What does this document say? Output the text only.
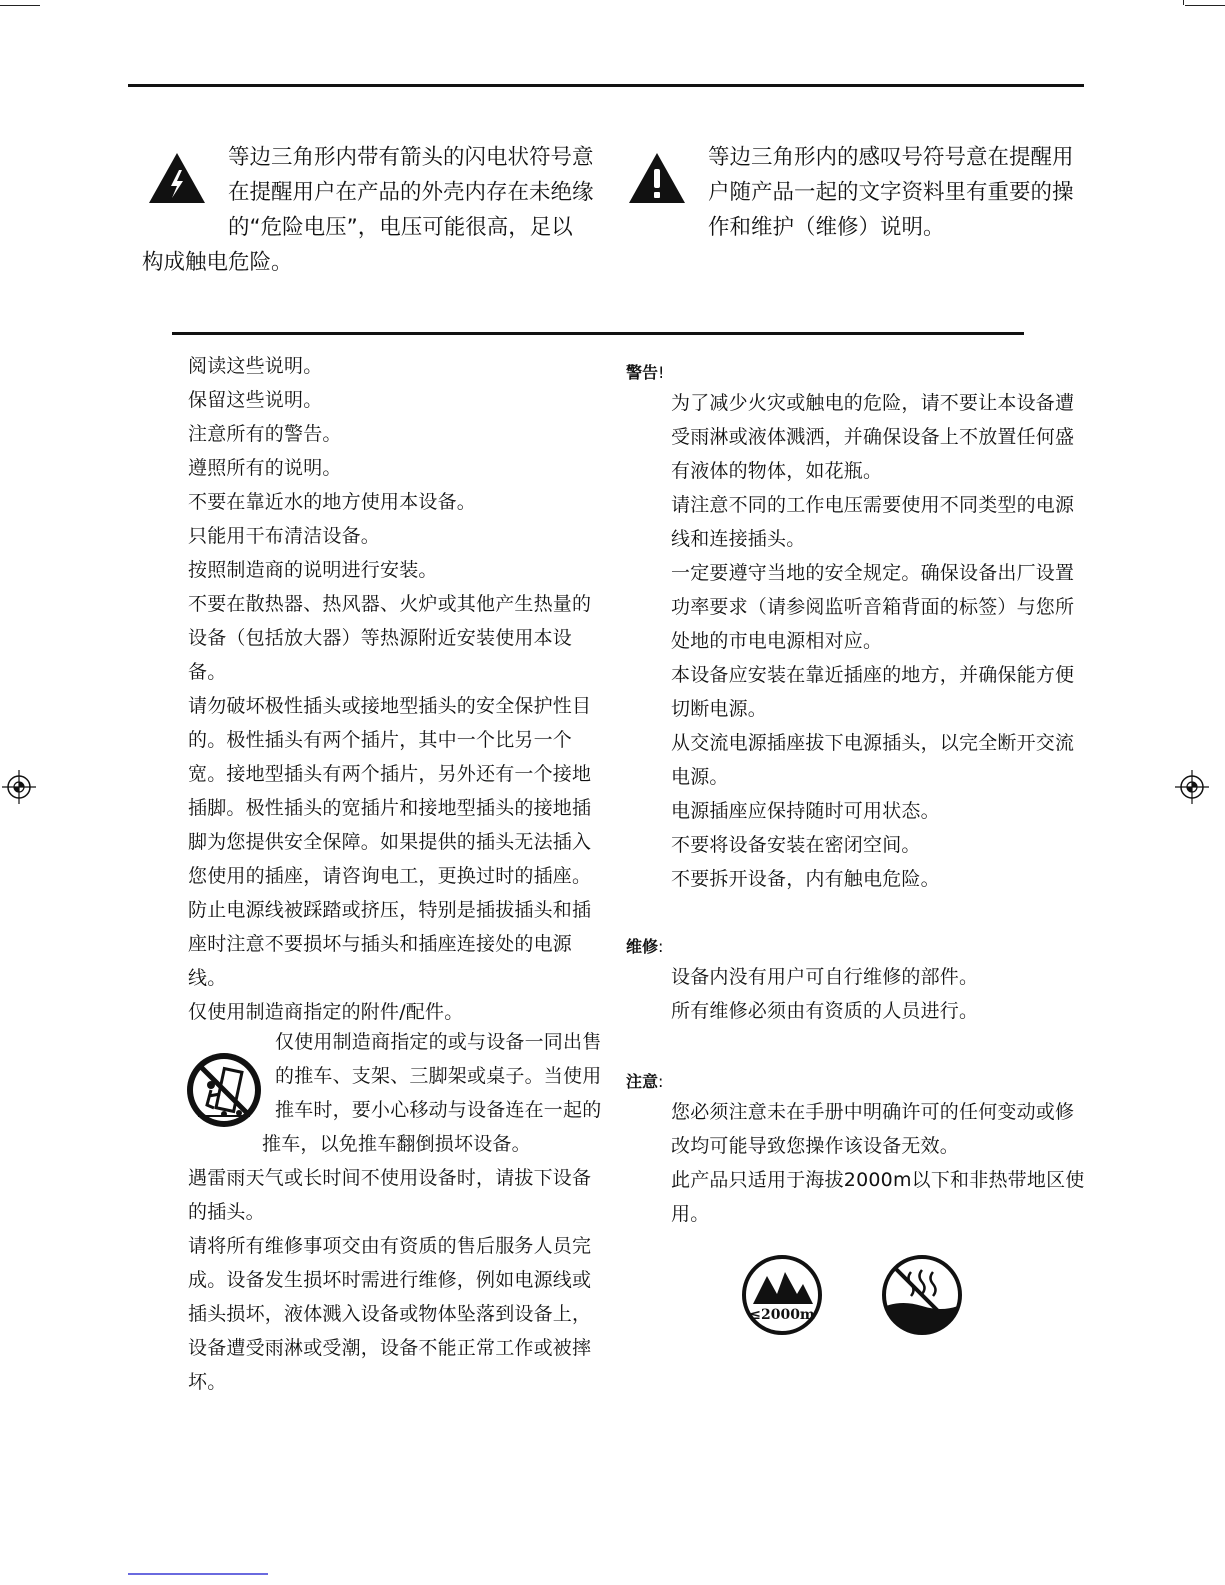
等边三角形内带有箭头的闪电状符号意
在提醒用户在产品的外壳内存在未绝缘
的“危险电压”，电压可能很高，足以
构成触电危险。
等边三角形内的感叹号符号意在提醒用
户随产品一起的文字资料里有重要的操
作和维护（维修）说明。
阅读这些说明。
保留这些说明。
注意所有的警告。
遵照所有的说明。
不要在靠近水的地方使用本设备。
只能用干布清洁设备。
按照制造商的说明进行安装。
不要在散热器、热风器、火炉或其他产生热量的
设备（包括放大器）等热源附近安装使用本设
备。
请勿破坏极性插头或接地型插头的安全保护性目
的。极性插头有两个插片，其中一个比另一个
宽。接地型插头有两个插片，另外还有一个接地
插脚。极性插头的宽插片和接地型插头的接地插
脚为您提供安全保障。如果提供的插头无法插入
您使用的插座，请咨询电工，更换过时的插座。
防止电源线被踩踏或挤压，特别是插拔插头和插
座时注意不要损坏与插头和插座连接处的电源
线。
仅使用制造商指定的附件/配件。
仅使用制造商指定的或与设备一同出售
的推车、支架、三脚架或桌子。当使用
推车时，要小心移动与设备连在一起的
推车，以免推车翻倒损坏设备。
遇雷雨天气或长时间不使用设备时，请拔下设备
的插头。
请将所有维修事项交由有资质的售后服务人员完
成。设备发生损坏时需进行维修，例如电源线或
插头损坏，液体溅入设备或物体坠落到设备上，
设备遭受雨淋或受潮，设备不能正常工作或被摔
坏。
警告!
为了减少火灾或触电的危险，请不要让本设备遭
受雨淋或液体溅洒，并确保设备上不放置任何盛
有液体的物体，如花瓶。
请注意不同的工作电压需要使用不同类型的电源
线和连接插头。
一定要遵守当地的安全规定。确保设备出厂设置
功率要求（请参阅监听音箱背面的标签）与您所
处地的市电电源相对应。
本设备应安装在靠近插座的地方，并确保能方便
切断电源。
从交流电源插座拔下电源插头，以完全断开交流
电源。
电源插座应保持随时可用状态。
不要将设备安装在密闭空间。
不要拆开设备，内有触电危险。
维修:
设备内没有用户可自行维修的部件。
所有维修必须由有资质的人员进行。
注意:
您必须注意未在手册中明确许可的任何变动或修
改均可能导致您操作该设备无效。
此产品只适用于海拔2000m以下和非热带地区使
用。
≤2000m
